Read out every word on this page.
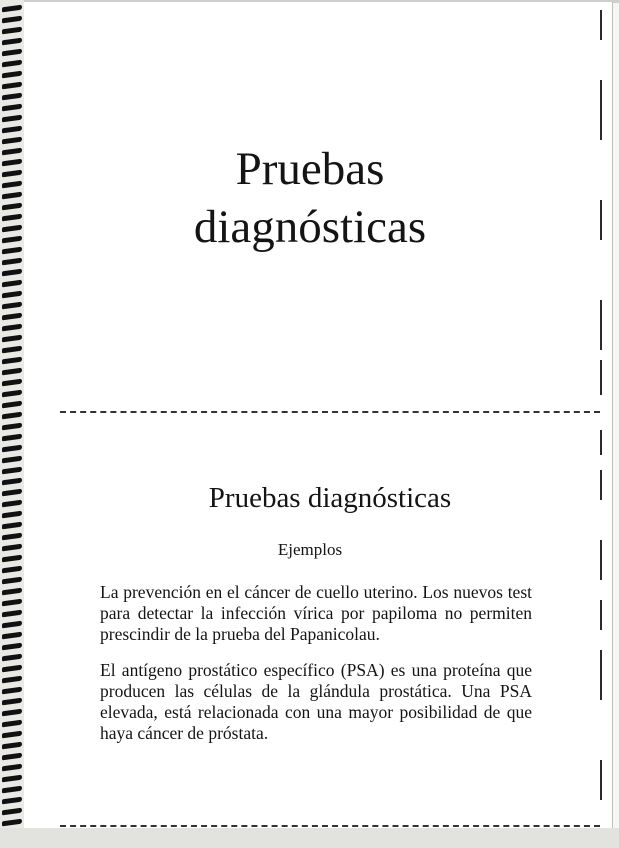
Pruebas diagnósticas
Pruebas diagnósticas
Ejemplos
La prevención en el cáncer de cuello uterino. Los nuevos test para detectar la infección vírica por papiloma no permiten prescindir de la prueba del Papanicolau.
El antígeno prostático específico (PSA) es una proteína que producen las células de la glándula prostática. Una PSA elevada, está relacionada con una mayor posibilidad de que haya cáncer de próstata.
